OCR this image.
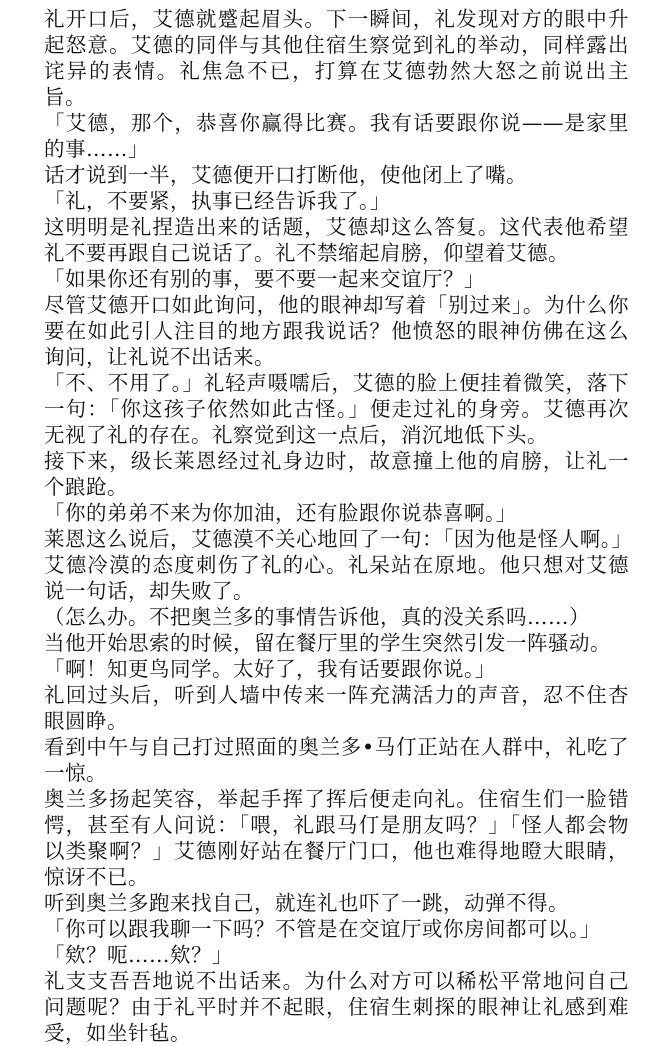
礼开口后，艾德就蹙起眉头。下一瞬间，礼发现对方的眼中升起怒意。艾德的同伴与其他住宿生察觉到礼的举动，同样露出诧异的表情。礼焦急不已，打算在艾德勃然大怒之前说出主旨。

「艾德，那个，恭喜你赢得比赛。我有话要跟你说——是家里的事……」

话才说到一半，艾德便开口打断他，使他闭上了嘴。

「礼，不要紧，执事已经告诉我了。」

这明明是礼捏造出来的话题，艾德却这么答复。这代表他希望礼不要再跟自己说话了。礼不禁缩起肩膀，仰望着艾德。

「如果你还有别的事，要不要一起来交谊厅？」

尽管艾德开口如此询问，他的眼神却写着「别过来」。为什么你要在如此引人注目的地方跟我说话？他愤怒的眼神仿佛在这么询问，让礼说不出话来。

「不、不用了。」礼轻声嗫嚅后，艾德的脸上便挂着微笑，落下一句：「你这孩子依然如此古怪。」便走过礼的身旁。艾德再次无视了礼的存在。礼察觉到这一点后，消沉地低下头。

接下来，级长莱恩经过礼身边时，故意撞上他的肩膀，让礼一个踉跄。

「你的弟弟不来为你加油，还有脸跟你说恭喜啊。」

莱恩这么说后，艾德漠不关心地回了一句：「因为他是怪人啊。」

艾德冷漠的态度刺伤了礼的心。礼呆站在原地。他只想对艾德说一句话，却失败了。

（怎么办。不把奥兰多的事情告诉他，真的没关系吗……）

当他开始思索的时候，留在餐厅里的学生突然引发一阵骚动。

「啊！知更鸟同学。太好了，我有话要跟你说。」

礼回过头后，听到人墙中传来一阵充满活力的声音，忍不住杏眼圆睁。

看到中午与自己打过照面的奥兰多•马仃正站在人群中，礼吃了一惊。

奥兰多扬起笑容，举起手挥了挥后便走向礼。住宿生们一脸错愕，甚至有人问说：「喂，礼跟马仃是朋友吗？」「怪人都会物以类聚啊？」艾德刚好站在餐厅门口，他也难得地瞪大眼睛，惊讶不已。

听到奥兰多跑来找自己，就连礼也吓了一跳，动弹不得。

「你可以跟我聊一下吗？不管是在交谊厅或你房间都可以。」

「欸？呃……欸？」

礼支支吾吾地说不出话来。为什么对方可以稀松平常地问自己问题呢？由于礼平时并不起眼，住宿生刺探的眼神让礼感到难受，如坐针毡。
